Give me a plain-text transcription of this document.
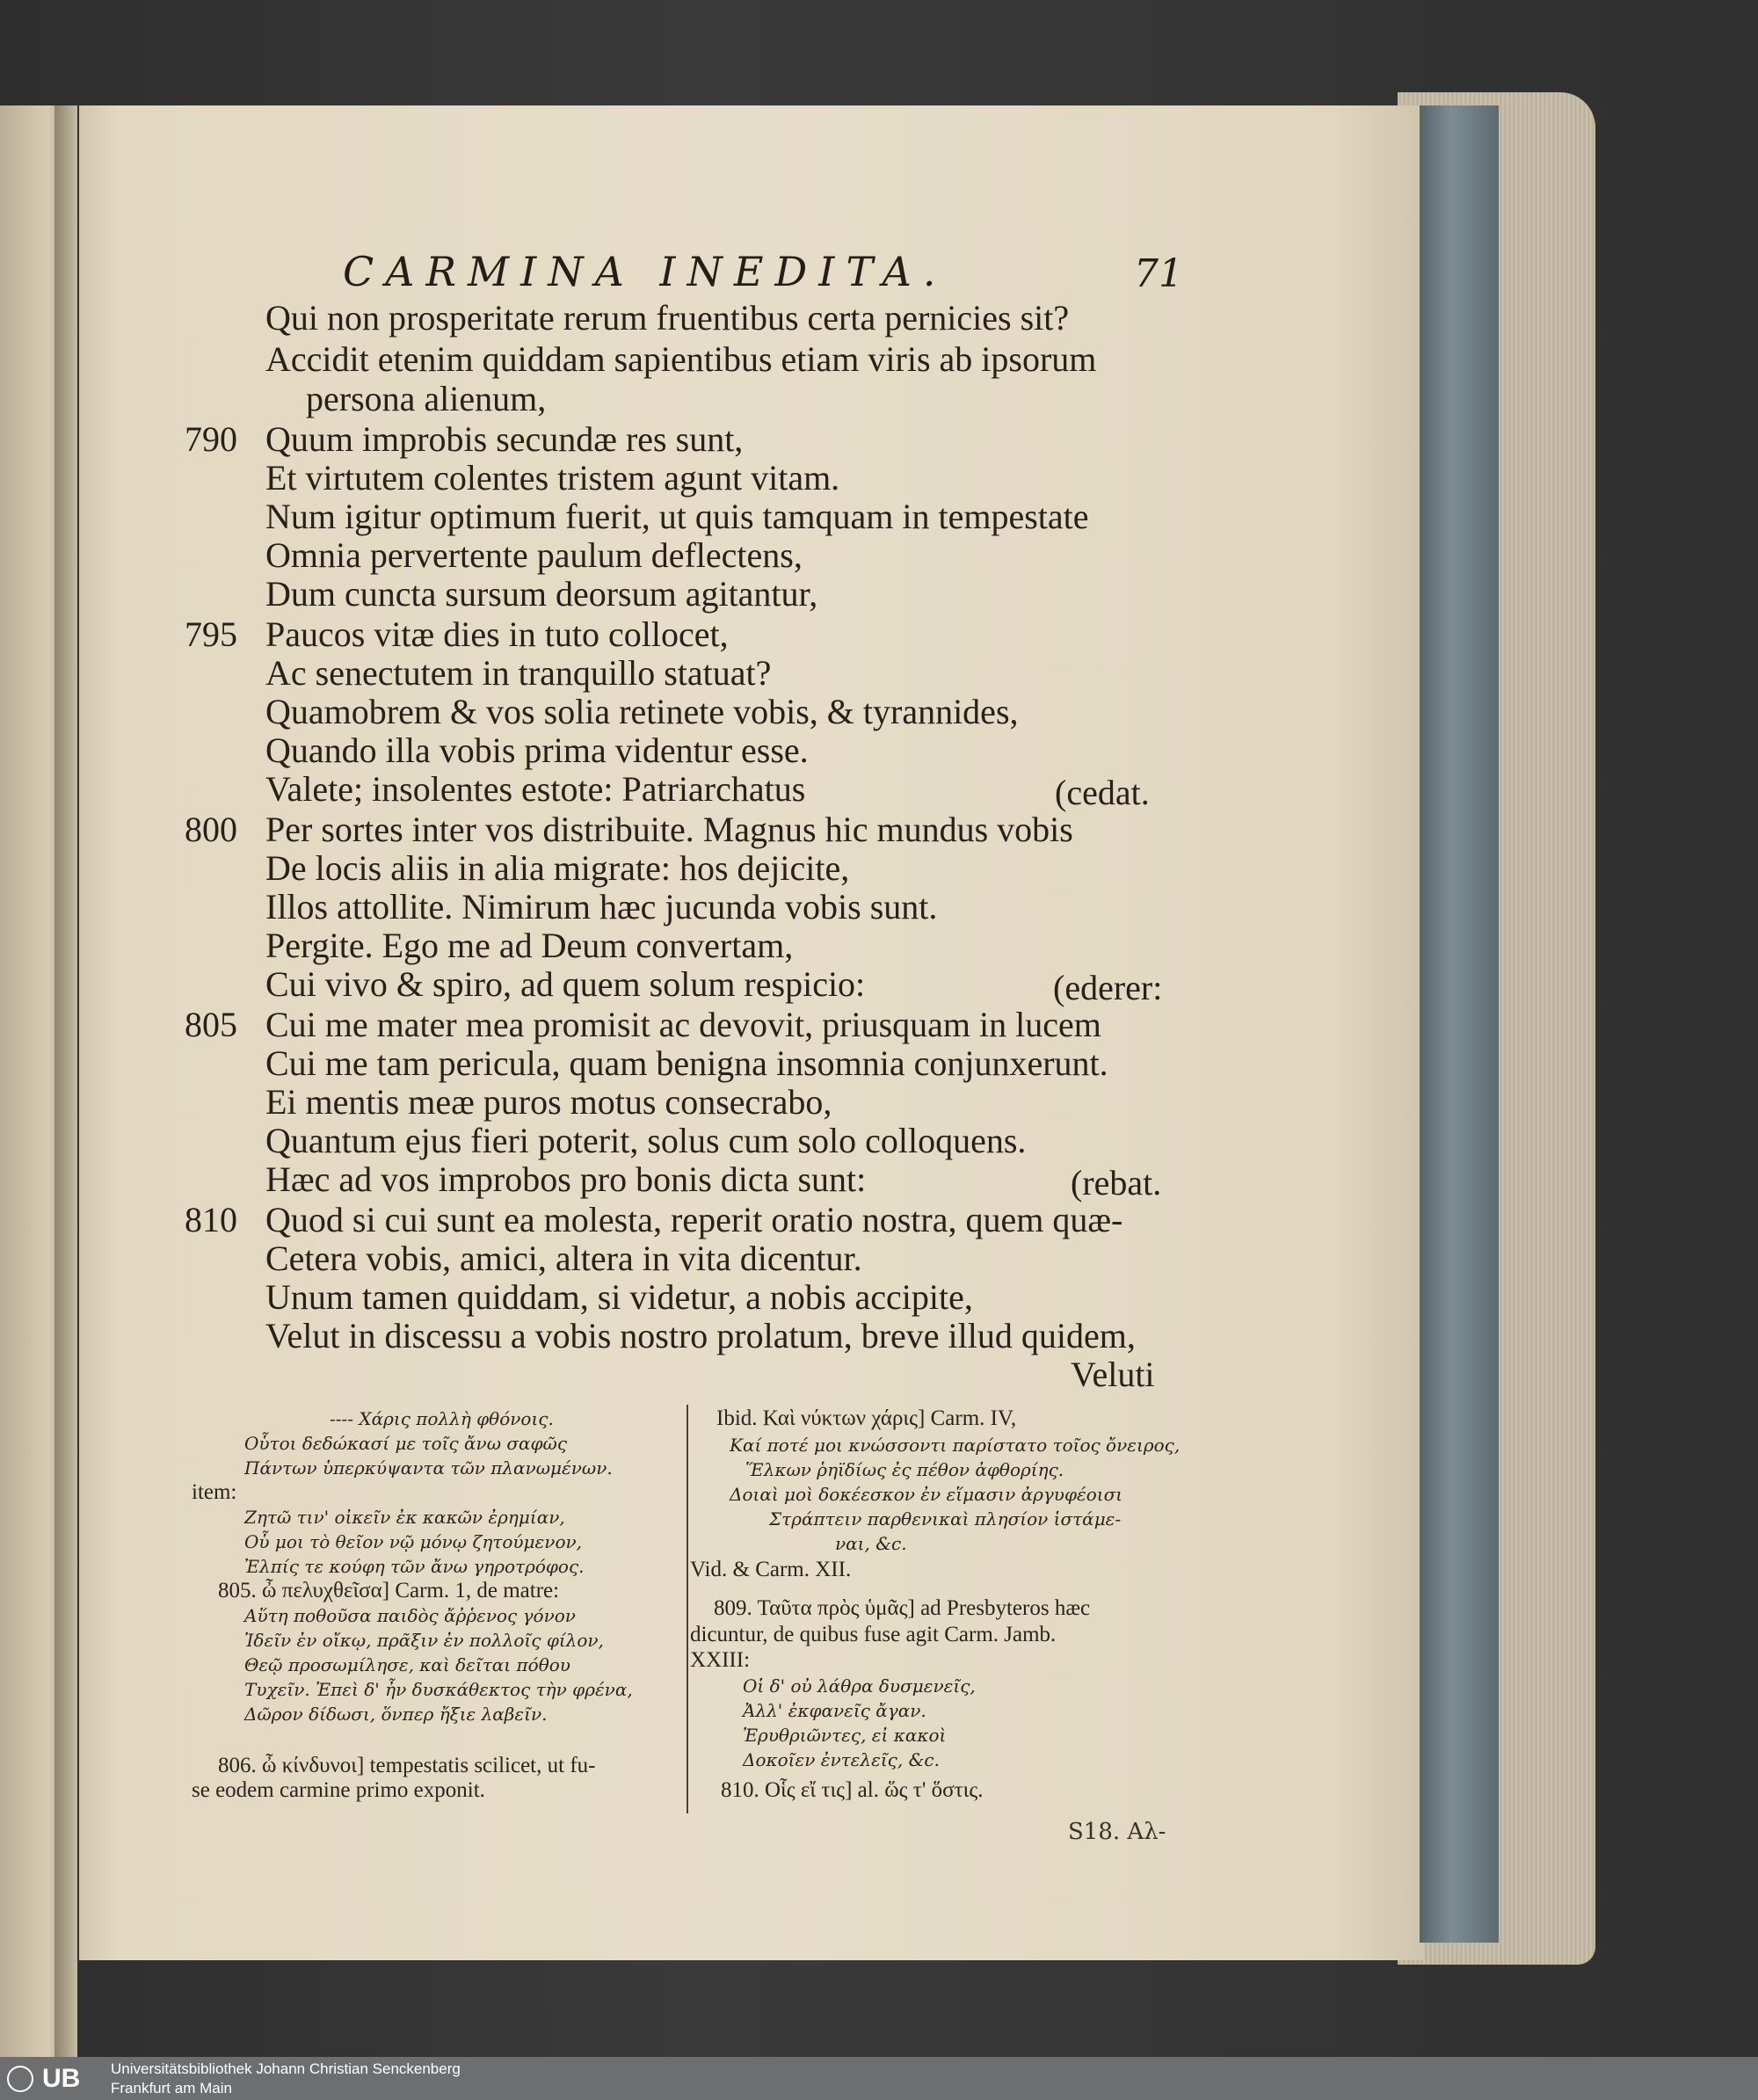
CARMINA INEDITA.	71
Qui non prosperitate rerum fruentibus certa pernicies sit?
Accidit etenim quiddam sapientibus etiam viris ab ipsorum
persona alienum,
790 Quum improbis secundæ res sunt,
Et virtutem colentes tristem agunt vitam.
Num igitur optimum fuerit, ut quis tamquam in tempestate
Omnia pervertente paulum deflectens,
Dum cuncta sursum deorsum agitantur,
795 Paucos vitæ dies in tuto collocet,
Ac senectutem in tranquillo statuat?
Quamobrem & vos solia retinete vobis, & tyrannides,
Quando illa vobis prima videntur esse.
Valete; insolentes estote: Patriarchatus	(cedat.
800 Per sortes inter vos distribuite. Magnus hic mundus vobis
De locis aliis in alia migrate: hos dejicite,
Illos attollite. Nimirum hæc jucunda vobis sunt.
Pergite. Ego me ad Deum convertam,
Cui vivo & spiro, ad quem solum respicio:	(ederer:
805 Cui me mater mea promisit ac devovit, priusquam in lucem
Cui me tam pericula, quam benigna insomnia conjunxerunt.
Ei mentis meæ puros motus consecrabo,
Quantum ejus fieri poterit, solus cum solo colloquens.
Hæc ad vos improbos pro bonis dicta sunt:	(rebat.
810 Quod si cui sunt ea molesta, reperit oratio nostra, quem quæ-
Cetera vobis, amici, altera in vita dicentur.
Unum tamen quiddam, si videtur, a nobis accipite,
Velut in discessu a vobis nostro prolatum, breve illud quidem,
Veluti
---- Χάρις πολλὴ φθόνοις.
Οὗτοι δεδώκασί με τοῖς ἄνω σαφῶς
Πάντων ὑπερκύψαντα τῶν πλανωμένων.
item:
Ζητῶ τιν' οἰκεῖν ἐκ κακῶν ἐρημίαν,
Οὗ μοι τὸ θεῖον νῷ μόνῳ ζητούμενον,
Ἐλπίς τε κούφη τῶν ἄνω γηροτρόφος.
805. ὦ πελυχθεῖσα] Carm. 1, de matre:
Αὕτη ποθοῦσα παιδὸς ἄῤῥενος γόνον
Ἰδεῖν ἐν οἴκῳ, πρᾶξιν ἐν πολλοῖς φίλον,
Θεῷ προσωμίλησε, καὶ δεῖται πόθου
Τυχεῖν. Ἐπεὶ δ' ἦν δυσκάθεκτος τὴν φρένα,
Δῶρον δίδωσι, ὅνπερ ἤξιε λαβεῖν.
806. ὦ κίνδυνοι] tempestatis scilicet, ut fu-
se eodem carmine primo exponit.
Ibid. Καὶ νύκτων χάρις] Carm. IV,
Καί ποτέ μοι κνώσσοντι παρίστατο τοῖος ὄνειρος,
Ἕλκων ῥηϊδίως ἐς πέθον ἀφθορίης.
Δοιαὶ μοὶ δοκέεσκον ἐν εἵμασιν ἀργυφέοισι
Στράπτειν παρθενικαὶ πλησίον ἱστάμε-
ναι, &c.
Vid. & Carm. XII.
809. Ταῦτα πρὸς ὑμᾶς] ad Presbyteros hæc
dicuntur, de quibus fuse agit Carm. Jamb.
XXIII:
Οἱ δ' οὐ λάθρα δυσμενεῖς,
Ἀλλ' ἐκφανεῖς ἄγαν.
Ἐρυθριῶντες, εἰ κακοὶ
Δοκοῖεν ἐντελεῖς, &c.
810. Οἷς εἴ τις] al. ὥς τ' ὅστις.
S18. Αλ-
UB Universitätsbibliothek Johann Christian Senckenberg
Frankfurt am Main
